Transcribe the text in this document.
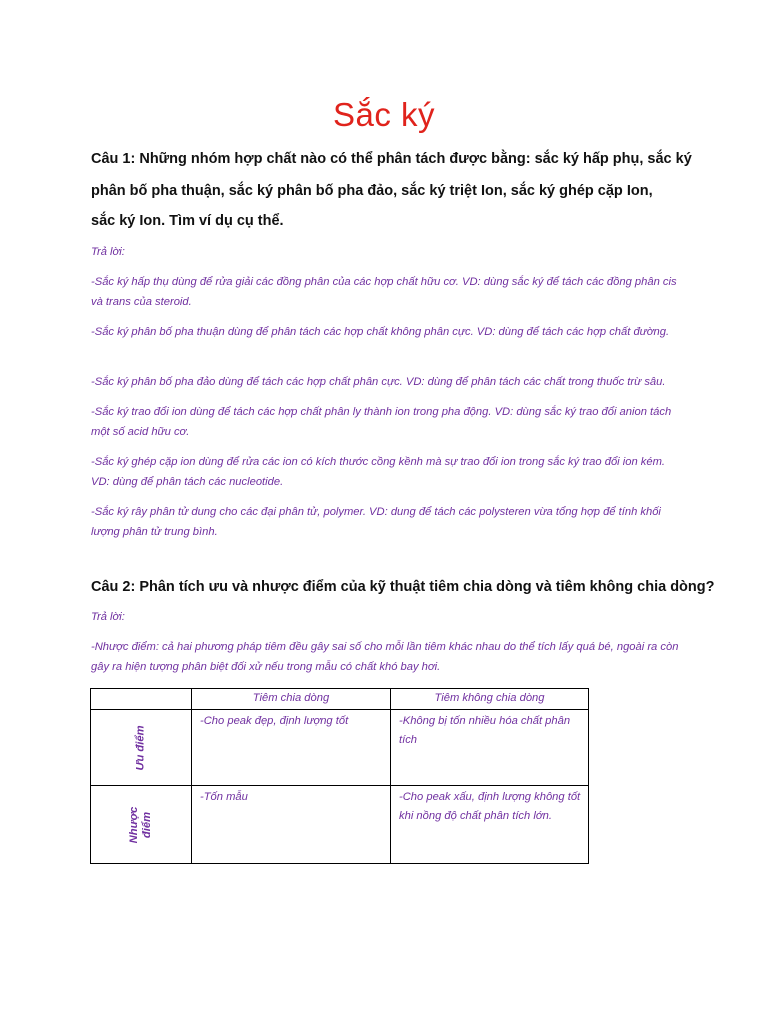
Sắc ký
Câu 1: Những nhóm hợp chất nào có thể phân tách được bằng: sắc ký hấp phụ, sắc ký
phân bố pha thuận, sắc ký phân bố pha đảo, sắc ký triệt Ion, sắc ký ghép cặp Ion,
sắc ký Ion. Tìm ví dụ cụ thể.
Trả lời:
-Sắc ký hấp thụ dùng để rửa giải các đồng phân của các hợp chất hữu cơ. VD: dùng sắc ký để tách các đồng phân cis và trans của steroid.
-Sắc ký phân bố pha thuận dùng để phân tách các hợp chất không phân cực. VD: dùng để tách các hợp chất đường.
-Sắc ký phân bố pha đảo dùng để tách các hợp chất phân cực. VD: dùng để phân tách các chất trong thuốc trừ sâu.
-Sắc ký trao đổi ion dùng để tách các hợp chất phân ly thành ion trong pha động. VD: dùng sắc ký trao đổi anion tách một số acid hữu cơ.
-Sắc ký ghép cặp ion dùng để rửa các ion có kích thước cồng kềnh mà sự trao đổi ion trong sắc ký trao đổi ion kém. VD: dùng để phân tách các nucleotide.
-Sắc ký rây phân tử dung cho các đại phân tử, polymer. VD: dung để tách các polysteren vừa tổng hợp để tính khối lượng phân tử trung bình.
Câu 2: Phân tích ưu và nhược điểm của kỹ thuật tiêm chia dòng và tiêm không chia dòng?
Trả lời:
-Nhược điểm: cả hai phương pháp tiêm đều gây sai số cho mỗi lần tiêm khác nhau do thể tích lấy quá bé, ngoài ra còn gây ra hiện tượng phân biệt đối xử nếu trong mẫu có chất khó bay hơi.
	Tiêm chia dòng	Tiêm không chia dòng

Ưu điểm	-Cho peak đẹp, định lượng tốt	-Không bị tốn nhiều hóa chất phân tích

Nhược điểm	-Tốn mẫu	-Cho peak xấu, định lượng không tốt khi nồng độ chất phân tích lớn.
